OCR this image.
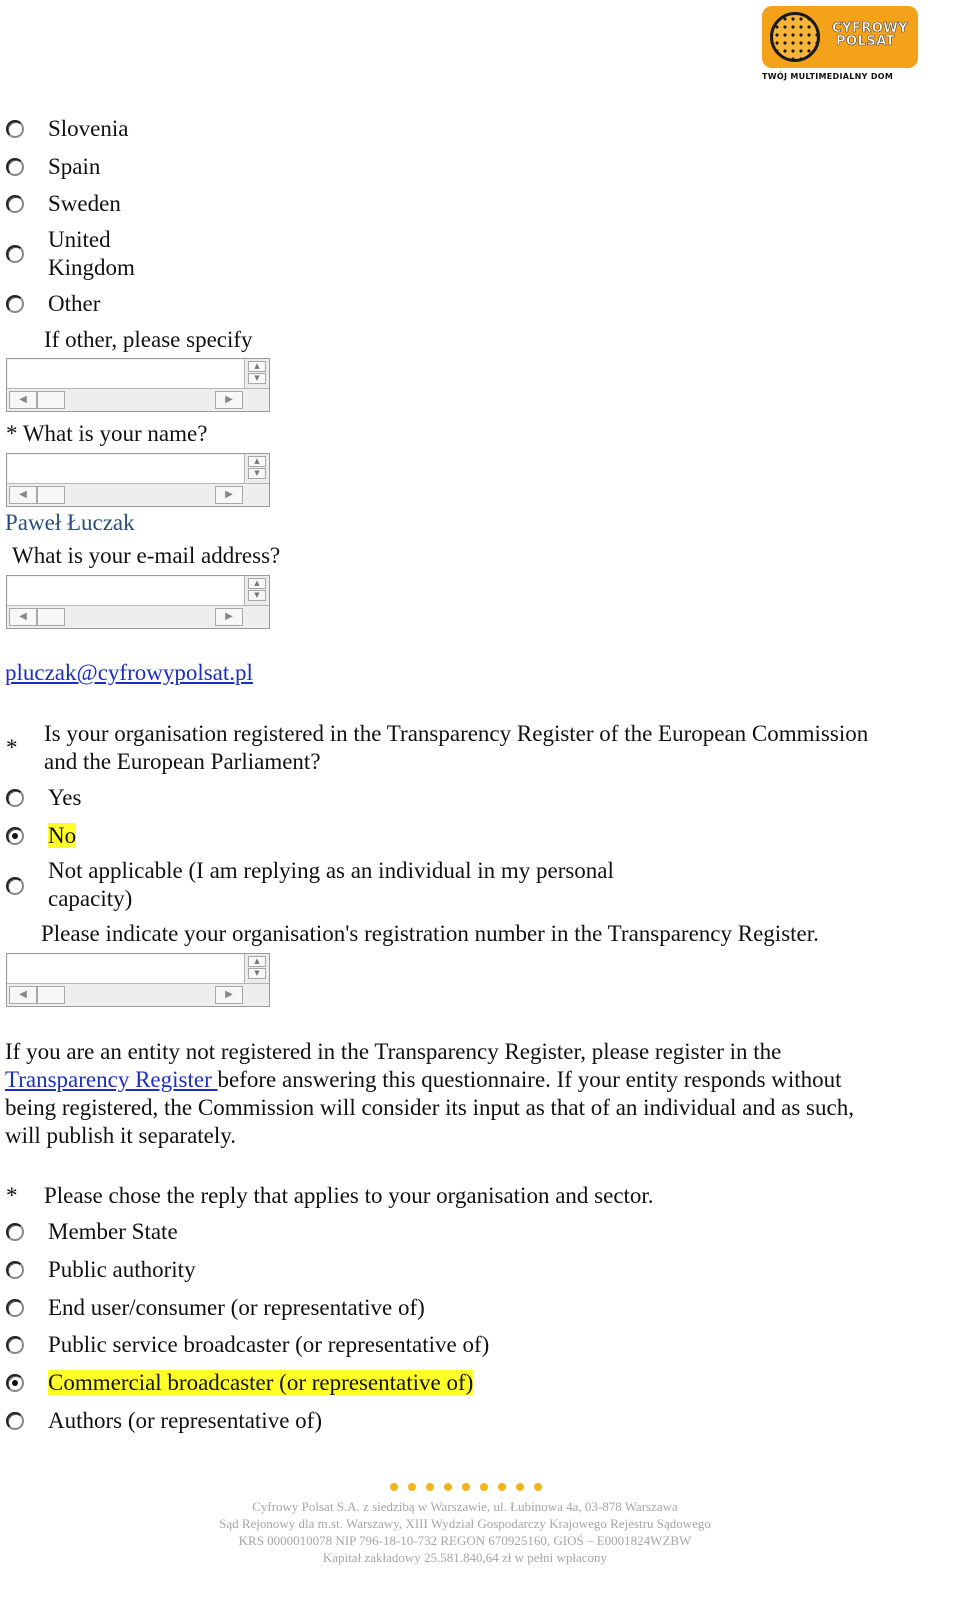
CYFROWY
POLSAT
TWÓJ MULTIMEDIALNY DOM
Slovenia
Spain
Sweden
United
Kingdom
Other
If other, please specify
▲
▼
◀	▶
* What is your name?
▲
▼
◀	▶
Paweł Łuczak
What is your e-mail address?
▲
▼
◀	▶
pluczak@cyfrowypolsat.pl
*
Is your organisation registered in the Transparency Register of the European Commission
and the European Parliament?
Yes
No
Not applicable (I am replying as an individual in my personal
capacity)
Please indicate your organisation's registration number in the Transparency Register.
▲
▼
◀	▶
If you are an entity not registered in the Transparency Register, please register in the
Transparency Register before answering this questionnaire. If your entity responds without
being registered, the Commission will consider its input as that of an individual and as such,
will publish it separately.
* Please chose the reply that applies to your organisation and sector.
Member State
Public authority
End user/consumer (or representative of)
Public service broadcaster (or representative of)
Commercial broadcaster (or representative of)
Authors (or representative of)
Cyfrowy Polsat S.A. z siedzibą w Warszawie, ul. Łubinowa 4a, 03-878 Warszawa
Sąd Rejonowy dla m.st. Warszawy, XIII Wydział Gospodarczy Krajowego Rejestru Sądowego
KRS 0000010078 NIP 796-18-10-732 REGON 670925160, GIOŚ – E0001824WZBW
Kapitał zakładowy 25.581.840,64 zł w pełni wpłacony
